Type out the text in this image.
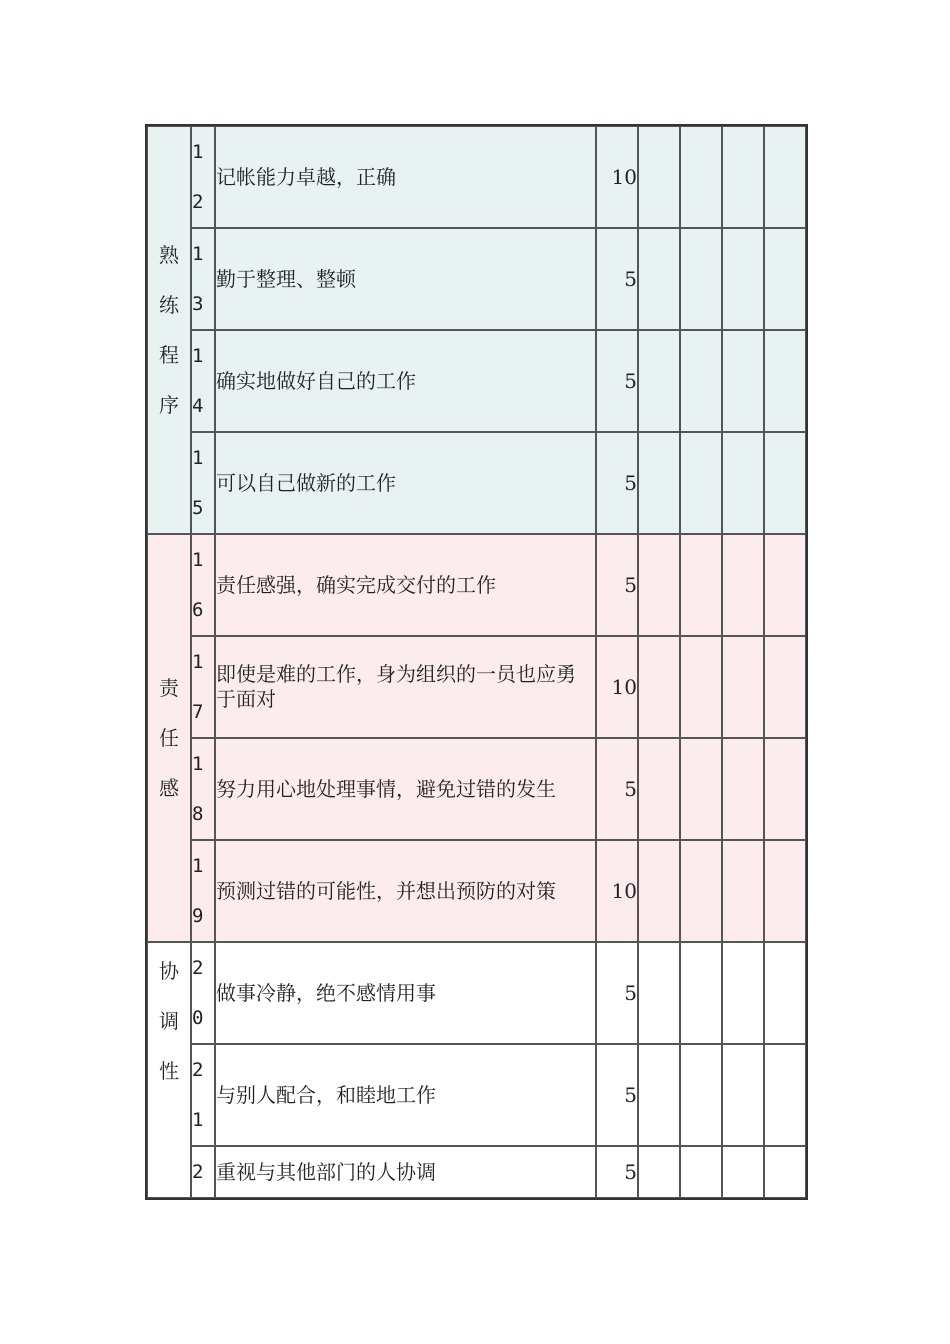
熟练程序	12	记帐能力卓越，正确	10				

	13	勤于整理、整顿	5				

	14	确实地做好自己的工作	5				

	15	可以自己做新的工作	5				
责任感	16	责任感强，确实完成交付的工作	5				

	17	即使是难的工作，身为组织的一员也应勇于面对	10				

	18	努力用心地处理事情，避免过错的发生	5				

	19	预测过错的可能性，并想出预防的对策	10				
协调性	20	做事冷静，绝不感情用事	5				

	21	与别人配合，和睦地工作	5				

	2	重视与其他部门的人协调	5				
